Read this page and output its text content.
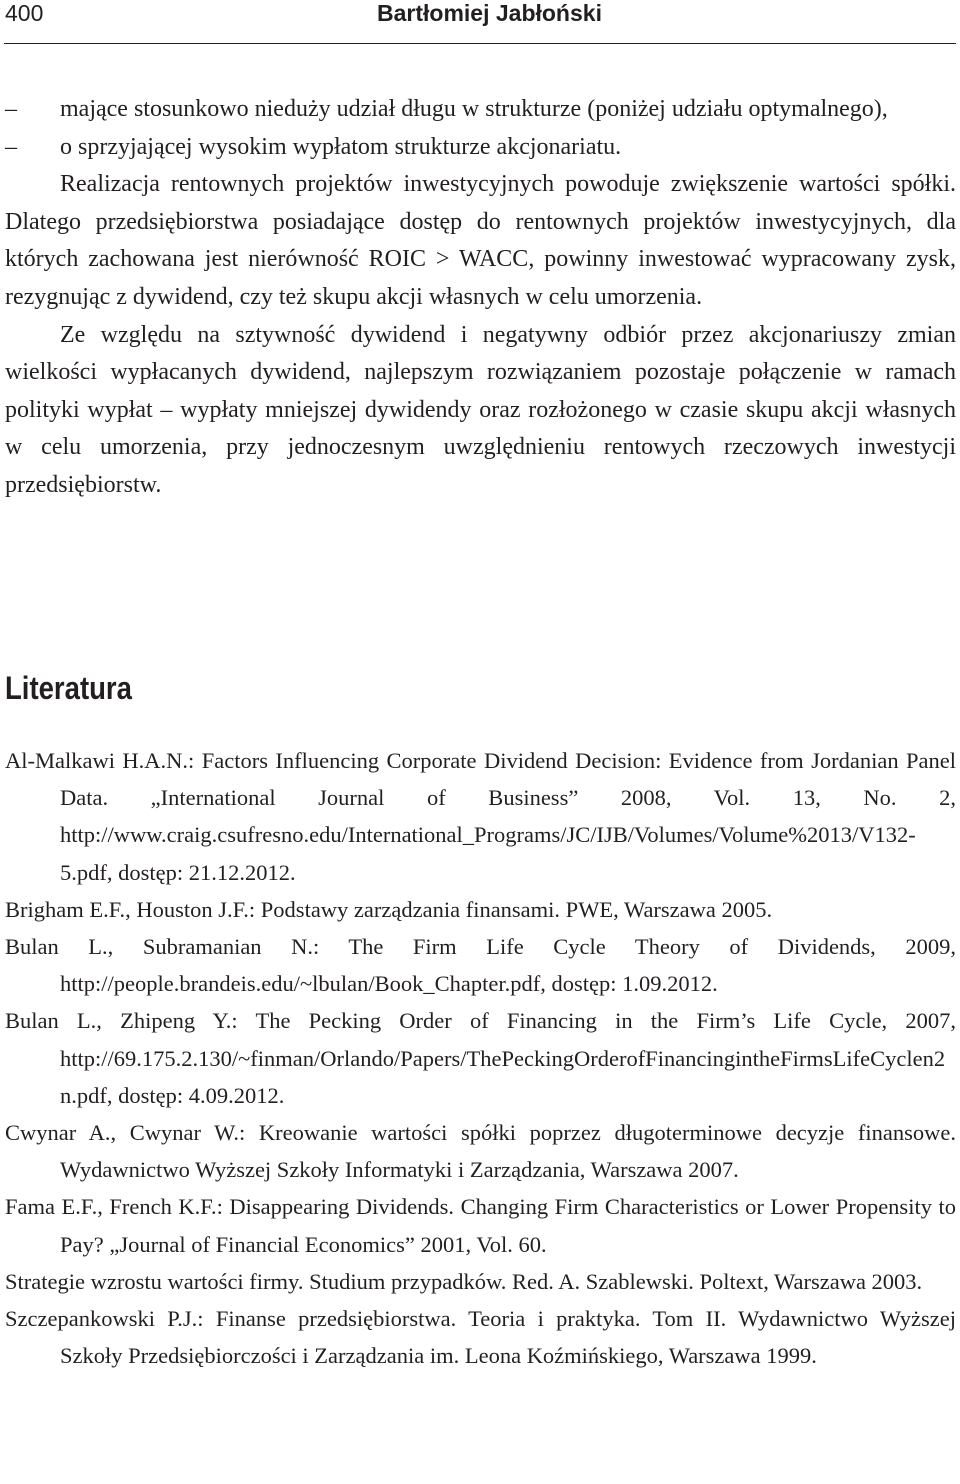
400	Bartłomiej Jabłoński
– mające stosunkowo niedużу udział długu w strukturze (poniżej udziału optymalnego),
– o sprzyjającej wysokim wypłatom strukturze akcjonariatu.

Realizacja rentownych projektów inwestycyjnych powoduje zwiększenie wartości spółki. Dlatego przedsiębiorstwa posiadające dostęp do rentownych projektów inwestycyjnych, dla których zachowana jest nierówność ROIC > WACC, powinny inwestować wypracowany zysk, rezygnując z dywidend, czy też skupu akcji własnych w celu umorzenia.

Ze względu na sztywność dywidend i negatywny odbiór przez akcjonariuszy zmian wielkości wypłacanych dywidend, najlepszym rozwiązaniem pozostaje połączenie w ramach polityki wypłat – wypłaty mniejszej dywidendy oraz rozłożonego w czasie skupu akcji własnych w celu umorzenia, przy jednoczesnym uwzględnieniu rentowych rzeczowych inwestycji przedsiębiorstw.

Literatura
Al-Malkawi H.A.N.: Factors Influencing Corporate Dividend Decision: Evidence from Jordanian Panel Data. „International Journal of Business” 2008, Vol. 13, No. 2, http://www.craig.csufresno.edu/International_Programs/JC/IJB/Volumes/Volume%2013/V132-5.pdf, dostęp: 21.12.2012.
Brigham E.F., Houston J.F.: Podstawy zarządzania finansami. PWE, Warszawa 2005.
Bulan L., Subramanian N.: The Firm Life Cycle Theory of Dividends, 2009, http://people.brandeis.edu/~lbulan/Book_Chapter.pdf, dostęp: 1.09.2012.
Bulan L., Zhipeng Y.: The Pecking Order of Financing in the Firm’s Life Cycle, 2007, http://69.175.2.130/~finman/Orlando/Papers/ThePeckingOrderofFinancingintheFirmsLifeCyclen2n.pdf, dostęp: 4.09.2012.
Cwynar A., Cwynar W.: Kreowanie wartości spółki poprzez długoterminowe decyzje finansowe. Wydawnictwo Wyższej Szkoły Informatyki i Zarządzania, Warszawa 2007.
Fama E.F., French K.F.: Disappearing Dividends. Changing Firm Characteristics or Lower Propensity to Pay? „Journal of Financial Economics” 2001, Vol. 60.
Strategie wzrostu wartości firmy. Studium przypadków. Red. A. Szablewski. Poltext, Warszawa 2003.
Szczepankowski P.J.: Finanse przedsiębiorstwa. Teoria i praktyka. Tom II. Wydawnictwo Wyższej Szkoły Przedsiębiorczości i Zarządzania im. Leona Koźmińskiego, Warszawa 1999.
